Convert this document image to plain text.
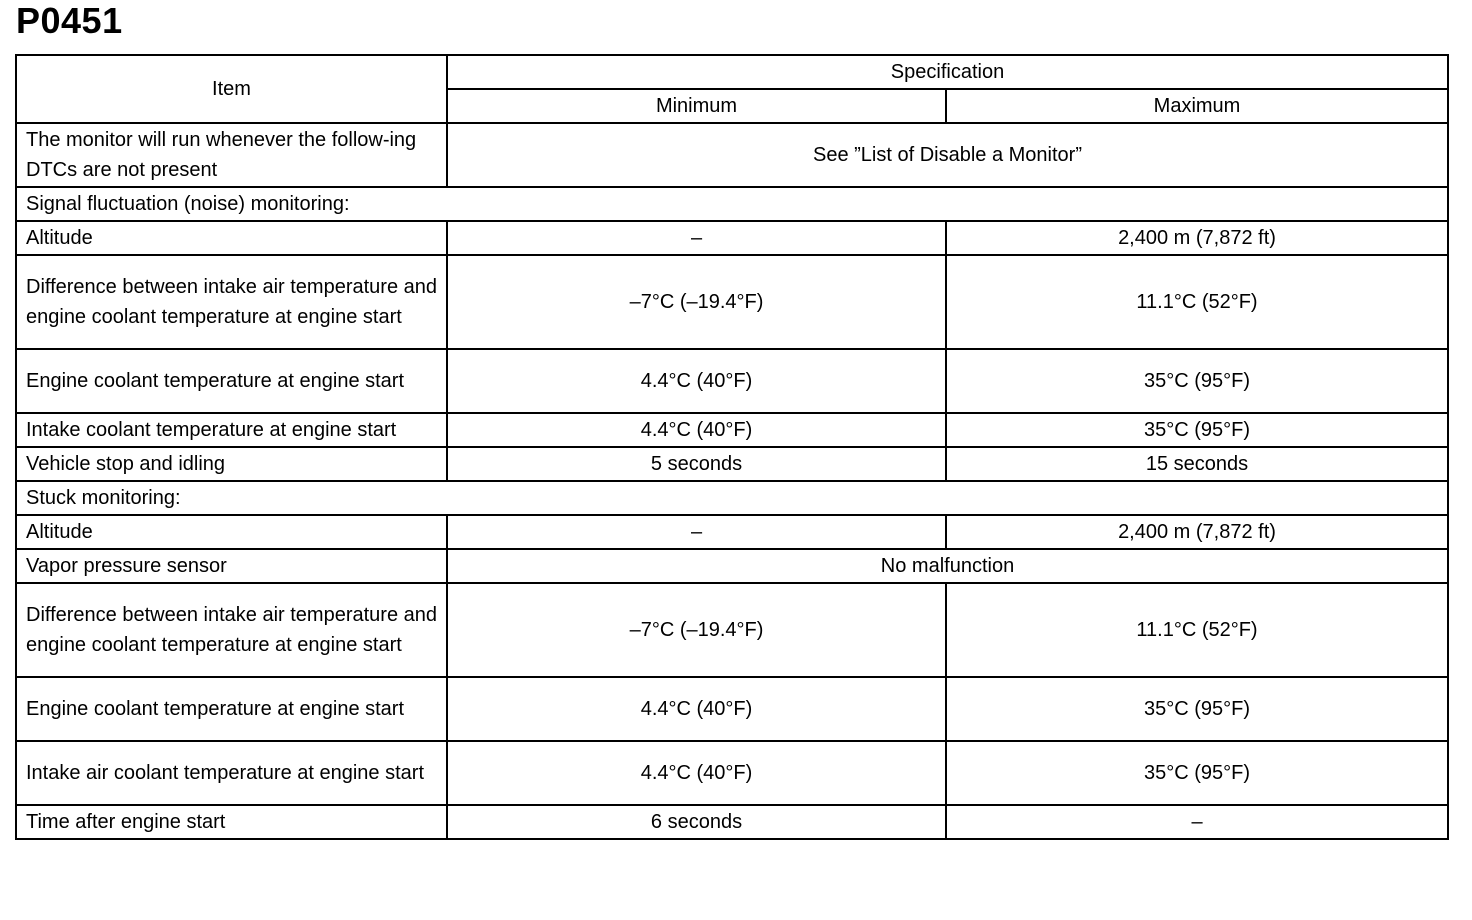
P0451
Item	Specification	
	Minimum	Maximum
The monitor will run whenever the follow-ing DTCs are not present	See ”List of Disable a Monitor”	
Signal fluctuation (noise) monitoring:		
Altitude	–	2,400 m (7,872 ft)
Difference between intake air temperature and engine coolant temperature at engine start	–7°C (–19.4°F)	11.1°C (52°F)
Engine coolant temperature at engine start	4.4°C (40°F)	35°C (95°F)
Intake coolant temperature at engine start	4.4°C (40°F)	35°C (95°F)
Vehicle stop and idling	5 seconds	15 seconds
Stuck monitoring:		
Altitude	–	2,400 m (7,872 ft)
Vapor pressure sensor	No malfunction	
Difference between intake air temperature and engine coolant temperature at engine start	–7°C (–19.4°F)	11.1°C (52°F)
Engine coolant temperature at engine start	4.4°C (40°F)	35°C (95°F)
Intake air coolant temperature at engine start	4.4°C (40°F)	35°C (95°F)
Time after engine start	6 seconds	–
